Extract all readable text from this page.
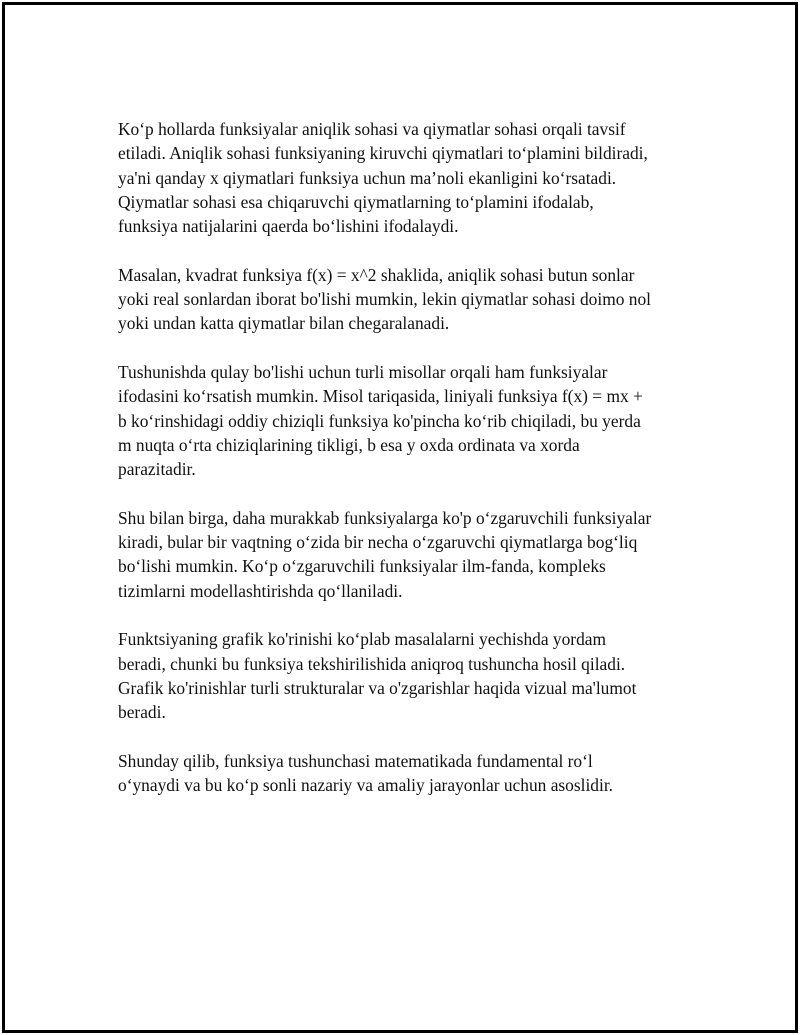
Ko‘p hollarda funksiyalar aniqlik sohasi va qiymatlar sohasi orqali tavsif
etiladi. Aniqlik sohasi funksiyaning kiruvchi qiymatlari to‘plamini bildiradi,
ya'ni qanday x qiymatlari funksiya uchun ma’noli ekanligini ko‘rsatadi.
Qiymatlar sohasi esa chiqaruvchi qiymatlarning to‘plamini ifodalab,
funksiya natijalarini qaerda bo‘lishini ifodalaydi.

Masalan, kvadrat funksiya f(x) = x^2 shaklida, aniqlik sohasi butun sonlar
yoki real sonlardan iborat bo'lishi mumkin, lekin qiymatlar sohasi doimo nol
yoki undan katta qiymatlar bilan chegaralanadi.

Tushunishda qulay bo'lishi uchun turli misollar orqali ham funksiyalar
ifodasini ko‘rsatish mumkin. Misol tariqasida, liniyali funksiya f(x) = mx +
b ko‘rinshidagi oddiy chiziqli funksiya ko'pincha ko‘rib chiqiladi, bu yerda
m nuqta o‘rta chiziqlarining tikligi, b esa y oxda ordinata va xorda
parazitadir.

Shu bilan birga, daha murakkab funksiyalarga ko'p o‘zgaruvchili funksiyalar
kiradi, bular bir vaqtning o‘zida bir necha o‘zgaruvchi qiymatlarga bog‘liq
bo‘lishi mumkin. Ko‘p o‘zgaruvchili funksiyalar ilm-fanda, kompleks
tizimlarni modellashtirishda qo‘llaniladi.

Funktsiyaning grafik ko'rinishi ko‘plab masalalarni yechishda yordam
beradi, chunki bu funksiya tekshirilishida aniqroq tushuncha hosil qiladi.
Grafik ko'rinishlar turli strukturalar va o'zgarishlar haqida vizual ma'lumot
beradi.

Shunday qilib, funksiya tushunchasi matematikada fundamental ro‘l
o‘ynaydi va bu ko‘p sonli nazariy va amaliy jarayonlar uchun asoslidir.
